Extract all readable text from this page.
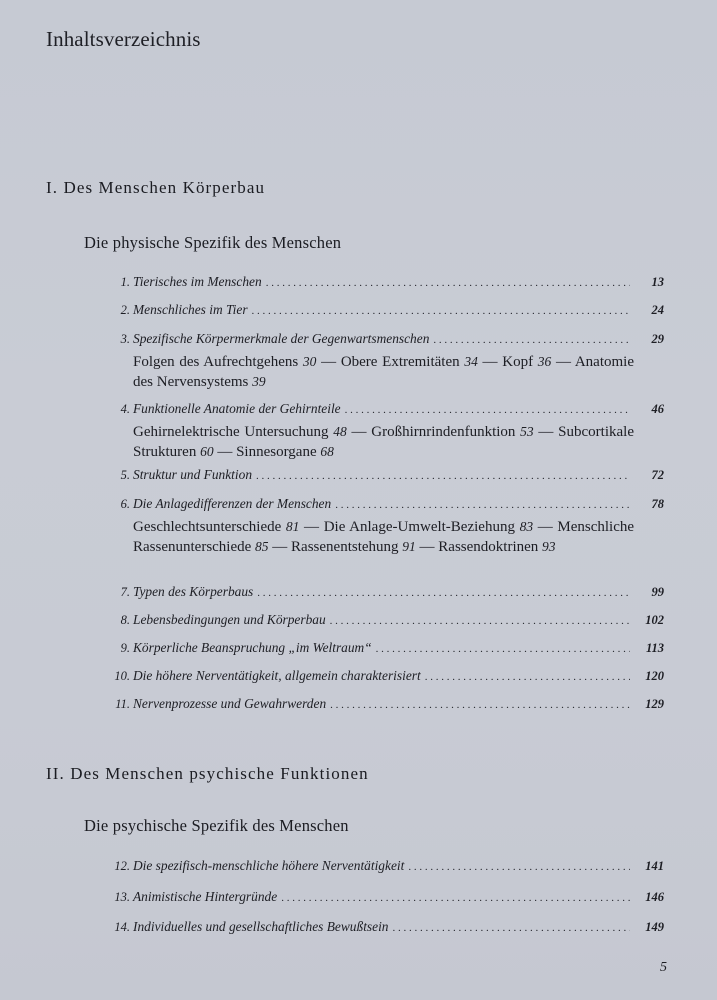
Inhaltsverzeichnis
I. Des Menschen Körperbau
Die physische Spezifik des Menschen
1. Tierisches im Menschen . . .	13
2. Menschliches im Tier . . .	24
3. Spezifische Körpermerkmale der Gegenwartsmenschen . . .	29
Folgen des Aufrechtgehens 30 — Obere Extremitäten 34 — Kopf 36 — Anatomie des Nervensystems 39
4. Funktionelle Anatomie der Gehirnteile . . .	46
Gehirnelektrische Untersuchung 48 — Großhirnrindenfunktion 53 — Subcortikale Strukturen 60 — Sinnesorgane 68
5. Struktur und Funktion . . .	72
6. Die Anlagedifferenzen der Menschen . . .	78
Geschlechtsunterschiede 81 — Die Anlage-Umwelt-Beziehung 83 — Menschliche Rassenunterschiede 85 — Rassenentstehung 91 — Rassendoktrinen 93
7. Typen des Körperbaus . . .	99
8. Lebensbedingungen und Körperbau . . .	102
9. Körperliche Beanspruchung „im Weltraum“ . . .	113
10. Die höhere Nerventätigkeit, allgemein charakterisiert . . .	120
11. Nervenprozesse und Gewahrwerden . . .	129
II. Des Menschen psychische Funktionen
Die psychische Spezifik des Menschen
12. Die spezifisch-menschliche höhere Nerventätigkeit . . .	141
13. Animistische Hintergründe . . .	146
14. Individuelles und gesellschaftliches Bewußtsein . . .	149
5
